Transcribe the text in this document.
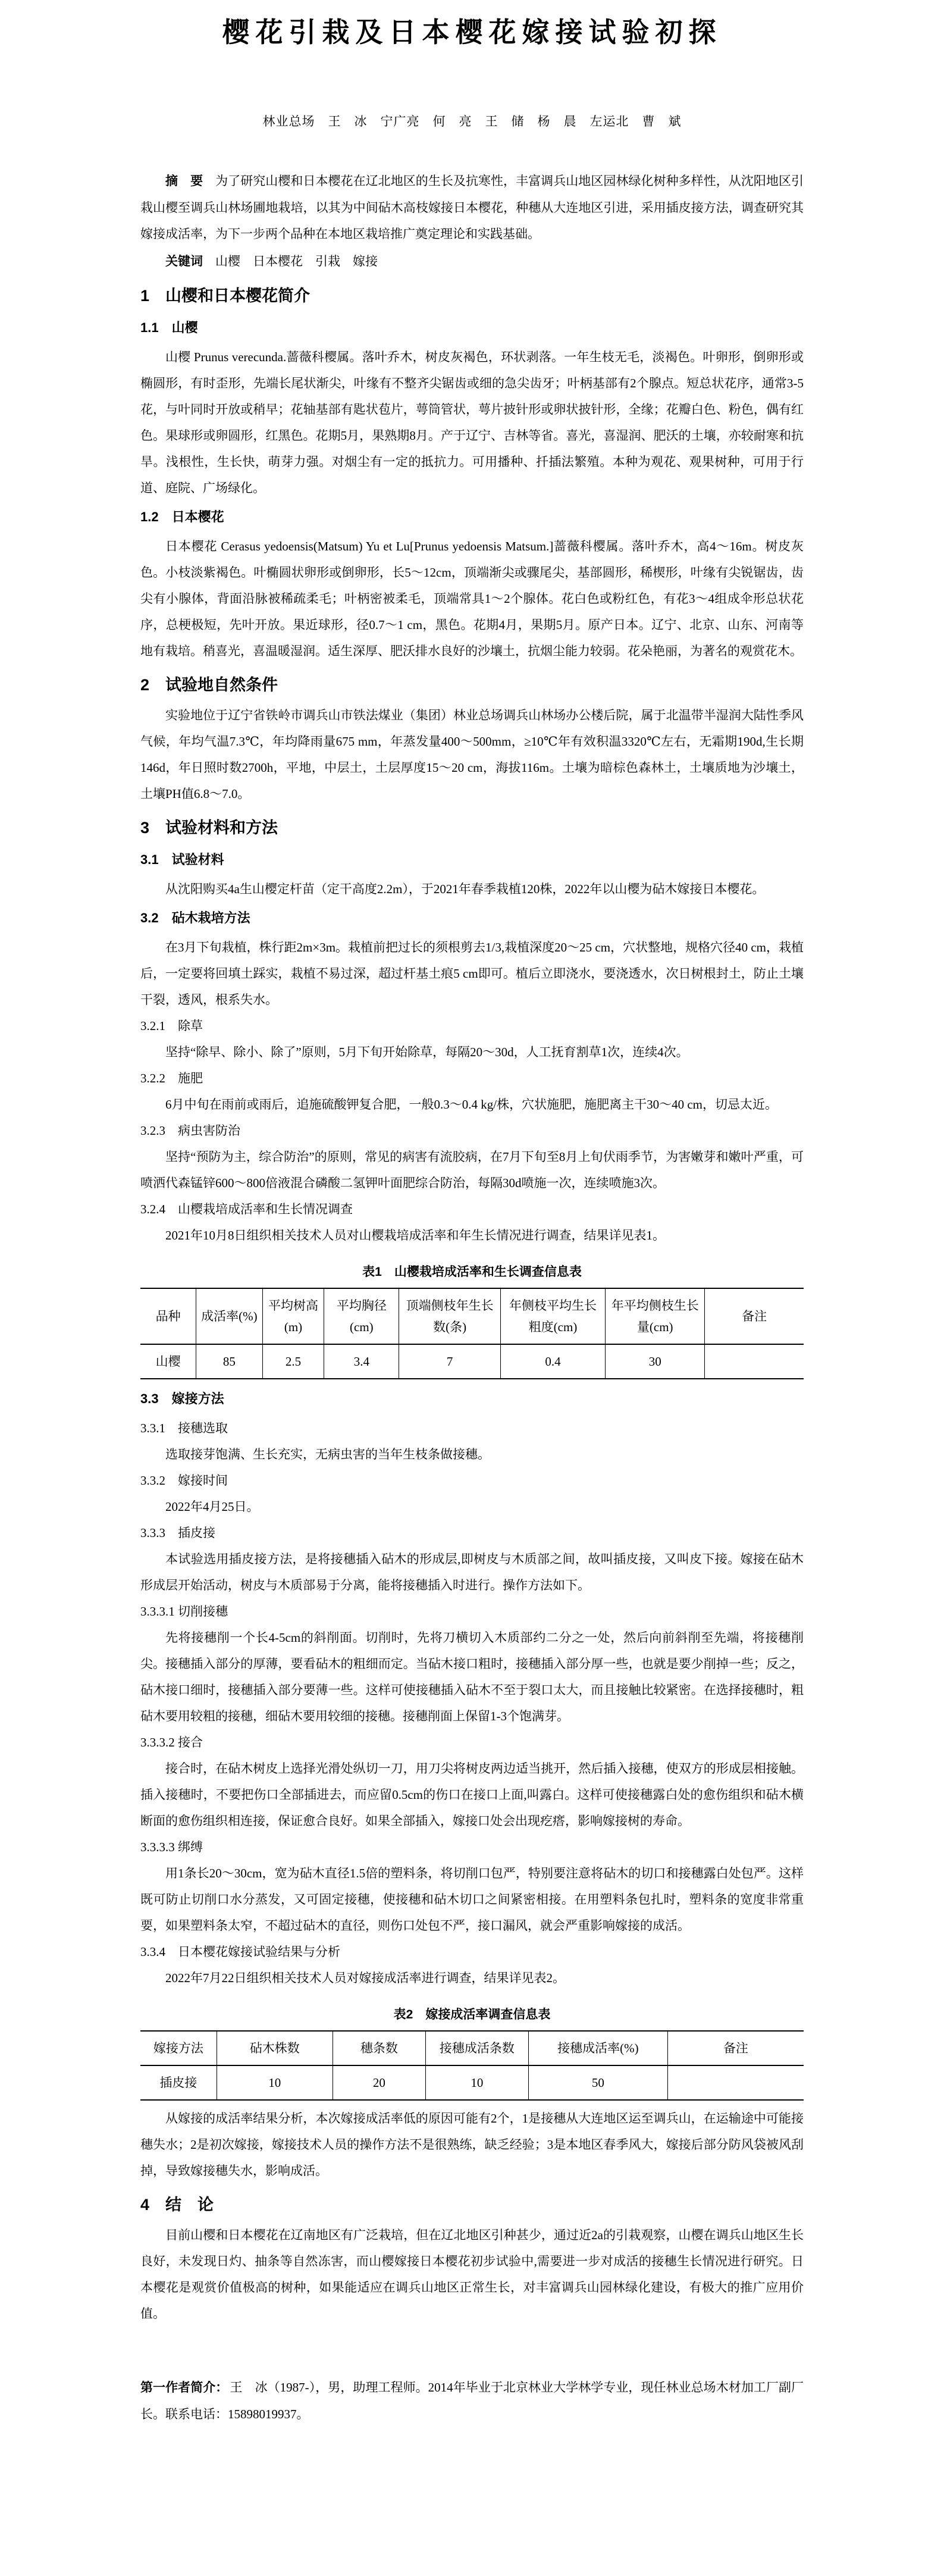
樱花引栽及日本樱花嫁接试验初探
林业总场　王　冰　宁广亮　何　亮　王　储　杨　晨　左运北　曹　斌

摘　要 为了研究山樱和日本樱花在辽北地区的生长及抗寒性，丰富调兵山地区园林绿化树种多样性，从沈阳地区引栽山樱至调兵山林场圃地栽培，以其为中间砧木高枝嫁接日本樱花，种穗从大连地区引进，采用插皮接方法，调查研究其嫁接成活率，为下一步两个品种在本地区栽培推广奠定理论和实践基础。

关键词 山樱　日本樱花　引栽　嫁接

1　山樱和日本樱花简介
1.1　山樱

山樱 Prunus verecunda.蔷薇科樱属。落叶乔木，树皮灰褐色，环状剥落。一年生枝无毛，淡褐色。叶卵形，倒卵形或椭圆形，有时歪形，先端长尾状渐尖，叶缘有不整齐尖锯齿或细的急尖齿牙；叶柄基部有2个腺点。短总状花序，通常3-5花，与叶同时开放或稍早；花轴基部有匙状苞片，萼筒管状，萼片披针形或卵状披针形，全缘；花瓣白色、粉色，偶有红色。果球形或卵圆形，红黑色。花期5月，果熟期8月。产于辽宁、吉林等省。喜光，喜湿润、肥沃的土壤，亦较耐寒和抗旱。浅根性，生长快，萌芽力强。对烟尘有一定的抵抗力。可用播种、扦插法繁殖。本种为观花、观果树种，可用于行道、庭院、广场绿化。

1.2　日本樱花

日本樱花 Cerasus yedoensis(Matsum) Yu et Lu[Prunus yedoensis Matsum.]蔷薇科樱属。落叶乔木，高4～16m。树皮灰色。小枝淡紫褐色。叶椭圆状卵形或倒卵形，长5～12cm，顶端渐尖或骤尾尖，基部圆形，稀楔形，叶缘有尖锐锯齿，齿尖有小腺体，背面沿脉被稀疏柔毛；叶柄密被柔毛，顶端常具1～2个腺体。花白色或粉红色，有花3～4组成伞形总状花序，总梗极短，先叶开放。果近球形，径0.7～1 cm，黑色。花期4月，果期5月。原产日本。辽宁、北京、山东、河南等地有栽培。稍喜光，喜温暖湿润。适生深厚、肥沃排水良好的沙壤土，抗烟尘能力较弱。花朵艳丽，为著名的观赏花木。

2　试验地自然条件

实验地位于辽宁省铁岭市调兵山市铁法煤业（集团）林业总场调兵山林场办公楼后院，属于北温带半湿润大陆性季风气候，年均气温7.3℃，年均降雨量675 mm，年蒸发量400～500mm，≥10℃年有效积温3320℃左右，无霜期190d,生长期146d，年日照时数2700h，平地，中层土，土层厚度15～20 cm，海拔116m。土壤为暗棕色森林土，土壤质地为沙壤土，土壤PH值6.8～7.0。

3　试验材料和方法
3.1　试验材料

从沈阳购买4a生山樱定杆苗（定干高度2.2m），于2021年春季栽植120株，2022年以山樱为砧木嫁接日本樱花。

3.2　砧木栽培方法

在3月下旬栽植，株行距2m×3m。栽植前把过长的须根剪去1/3,栽植深度20～25 cm，穴状整地，规格穴径40 cm，栽植后，一定要将回填土踩实，栽植不易过深，超过杆基土痕5 cm即可。植后立即浇水，要浇透水，次日树根封土，防止土壤干裂，透风，根系失水。

3.2.1　除草

坚持“除早、除小、除了”原则，5月下旬开始除草，每隔20～30d，人工抚育割草1次，连续4次。

3.2.2　施肥

6月中旬在雨前或雨后，追施硫酸钾复合肥，一般0.3～0.4 kg/株，穴状施肥，施肥离主干30～40 cm，切忌太近。

3.2.3　病虫害防治

坚持“预防为主，综合防治”的原则，常见的病害有流胶病，在7月下旬至8月上旬伏雨季节，为害嫩芽和嫩叶严重，可喷洒代森锰锌600～800倍液混合磷酸二氢钾叶面肥综合防治，每隔30d喷施一次，连续喷施3次。

3.2.4　山樱栽培成活率和生长情况调查

2021年10月8日组织相关技术人员对山樱栽培成活率和年生长情况进行调查，结果详见表1。

表1　山樱栽培成活率和生长调查信息表
品种	成活率(%)	平均树高(m)	平均胸径(cm)	顶端侧枝年生长数(条)	年侧枝平均生长粗度(cm)	年平均侧枝生长量(cm)	备注
山樱	85	2.5	3.4	7	0.4	30	
3.3　嫁接方法
3.3.1　接穗选取

选取接芽饱满、生长充实，无病虫害的当年生枝条做接穗。

3.3.2　嫁接时间

2022年4月25日。

3.3.3　插皮接

本试验选用插皮接方法，是将接穗插入砧木的形成层,即树皮与木质部之间，故叫插皮接，又叫皮下接。嫁接在砧木形成层开始活动，树皮与木质部易于分离，能将接穗插入时进行。操作方法如下。

3.3.3.1 切削接穗

先将接穗削一个长4-5cm的斜削面。切削时，先将刀横切入木质部约二分之一处，然后向前斜削至先端，将接穗削尖。接穗插入部分的厚薄，要看砧木的粗细而定。当砧木接口粗时，接穗插入部分厚一些，也就是要少削掉一些；反之，砧木接口细时，接穗插入部分要薄一些。这样可使接穗插入砧木不至于裂口太大，而且接触比较紧密。在选择接穗时，粗砧木要用较粗的接穗，细砧木要用较细的接穗。接穗削面上保留1-3个饱满芽。

3.3.3.2 接合

接合时，在砧木树皮上选择光滑处纵切一刀，用刀尖将树皮两边适当挑开，然后插入接穗，使双方的形成层相接触。插入接穗时，不要把伤口全部插进去，而应留0.5cm的伤口在接口上面,叫露白。这样可使接穗露白处的愈伤组织和砧木横断面的愈伤组织相连接，保证愈合良好。如果全部插入，嫁接口处会出现疙瘩，影响嫁接树的寿命。

3.3.3.3 绑缚

用1条长20～30cm，宽为砧木直径1.5倍的塑料条，将切削口包严，特别要注意将砧木的切口和接穗露白处包严。这样既可防止切削口水分蒸发，又可固定接穗，使接穗和砧木切口之间紧密相接。在用塑料条包扎时，塑料条的宽度非常重要，如果塑料条太窄，不超过砧木的直径，则伤口处包不严，接口漏风，就会严重影响嫁接的成活。

3.3.4　日本樱花嫁接试验结果与分析

2022年7月22日组织相关技术人员对嫁接成活率进行调查，结果详见表2。

表2　嫁接成活率调查信息表
嫁接方法	砧木株数	穗条数	接穗成活条数	接穗成活率(%)	备注
插皮接	10	20	10	50	

从嫁接的成活率结果分析，本次嫁接成活率低的原因可能有2个，1是接穗从大连地区运至调兵山，在运输途中可能接穗失水；2是初次嫁接，嫁接技术人员的操作方法不是很熟练，缺乏经验；3是本地区春季风大，嫁接后部分防风袋被风刮掉，导致嫁接穗失水，影响成活。

4　结　论

目前山樱和日本樱花在辽南地区有广泛栽培，但在辽北地区引种甚少，通过近2a的引栽观察，山樱在调兵山地区生长良好，未发现日灼、抽条等自然冻害，而山樱嫁接日本樱花初步试验中,需要进一步对成活的接穗生长情况进行研究。日本樱花是观赏价值极高的树种，如果能适应在调兵山地区正常生长，对丰富调兵山园林绿化建设，有极大的推广应用价值。

第一作者简介： 王　冰（1987-），男，助理工程师。2014年毕业于北京林业大学林学专业，现任林业总场木材加工厂副厂长。联系电话：15898019937。
